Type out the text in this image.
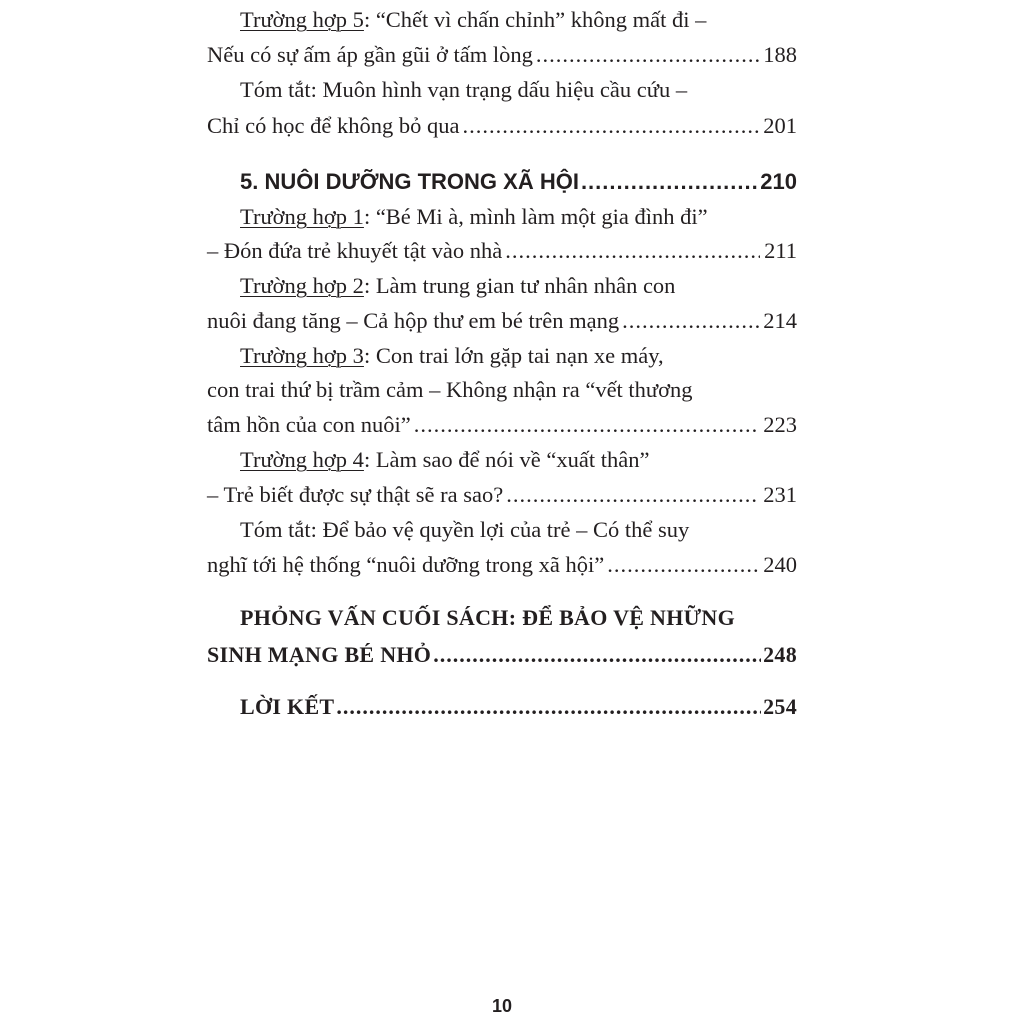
Trường hợp 5 : “Chết vì chấn chỉnh” không mất đi –
Nếu có sự ấm áp gần gũi ở tấm lòng .....	188
Tóm tắt: Muôn hình vạn trạng dấu hiệu cầu cứu –
Chỉ có học để không bỏ qua .....	201
5. NUÔI DƯỠNG TRONG XÃ HỘI .....	210
Trường hợp 1 : “Bé Mi à, mình làm một gia đình đi”
– Đón đứa trẻ khuyết tật vào nhà .....	211
Trường hợp 2 : Làm trung gian tư nhân nhân con
nuôi đang tăng – Cả hộp thư em bé trên mạng .....	214
Trường hợp 3 : Con trai lớn gặp tai nạn xe máy,
con trai thứ bị trầm cảm – Không nhận ra “vết thương
tâm hồn của con nuôi” .....	223
Trường hợp 4 : Làm sao để nói về “xuất thân”
– Trẻ biết được sự thật sẽ ra sao? .....	231
Tóm tắt: Để bảo vệ quyền lợi của trẻ – Có thể suy
nghĩ tới hệ thống “nuôi dưỡng trong xã hội” .....	240
PHỎNG VẤN CUỐI SÁCH: ĐỂ BẢO VỆ NHỮNG
SINH MẠNG BÉ NHỎ .....	248
LỜI KẾT .....	254
10
